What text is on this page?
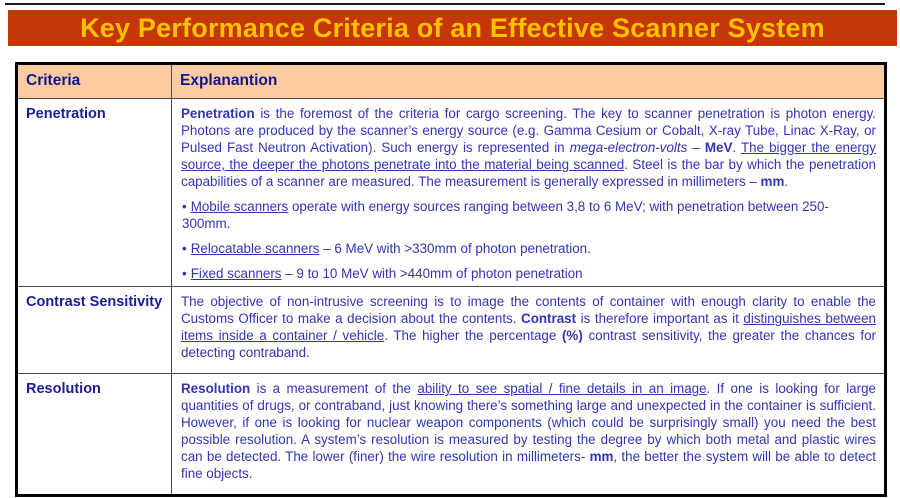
Key Performance Criteria of an Effective Scanner System
Criteria	Explanantion
Penetration	Penetration is the foremost of the criteria for cargo screening. The key to scanner penetration is photon energy. Photons are produced by the scanner’s energy source (e.g. Gamma Cesium or Cobalt, X-ray Tube, Linac X-Ray, or Pulsed Fast Neutron Activation). Such energy is represented in mega-electron-volts – MeV. The bigger the energy source, the deeper the photons penetrate into the material being scanned. Steel is the bar by which the penetration capabilities of a scanner are measured. The measurement is generally expressed in millimeters – mm.
• Mobile scanners operate with energy sources ranging between 3,8 to 6 MeV; with penetration between 250-300mm.
• Relocatable scanners – 6 MeV with >330mm of photon penetration.
• Fixed scanners – 9 to 10 MeV with >440mm of photon penetration

Contrast Sensitivity	The objective of non-intrusive screening is to image the contents of container with enough clarity to enable the Customs Officer to make a decision about the contents. Contrast is therefore important as it distinguishes between items inside a container / vehicle. The higher the percentage (%) contrast sensitivity, the greater the chances for detecting contraband.

Resolution	Resolution is a measurement of the ability to see spatial / fine details in an image. If one is looking for large quantities of drugs, or contraband, just knowing there’s something large and unexpected in the container is sufficient. However, if one is looking for nuclear weapon components (which could be surprisingly small) you need the best possible resolution. A system’s resolution is measured by testing the degree by which both metal and plastic wires can be detected. The lower (finer) the wire resolution in millimeters- mm, the better the system will be able to detect fine objects.
